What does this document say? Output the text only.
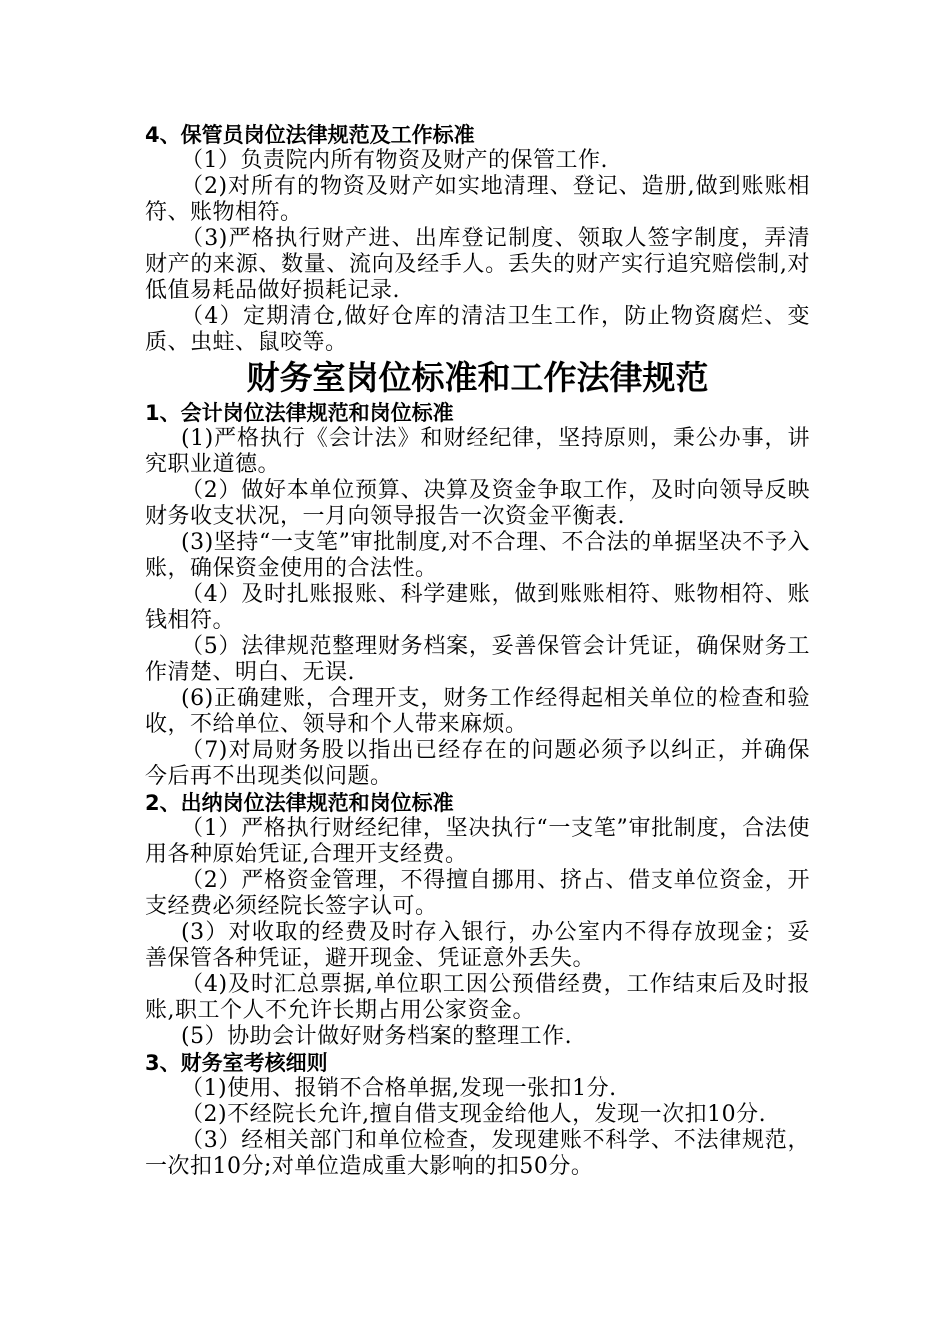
4、保管员岗位法律规范及工作标准

（1）负责院内所有物资及财产的保管工作.

（2)对所有的物资及财产如实地清理、登记、造册,做到账账相符、账物相符。

（3)严格执行财产进、出库登记制度、领取人签字制度，弄清财产的来源、数量、流向及经手人。丢失的财产实行追究赔偿制,对低值易耗品做好损耗记录.

（4）定期清仓,做好仓库的清洁卫生工作，防止物资腐烂、变质、虫蛀、鼠咬等。

财务室岗位标准和工作法律规范
1、会计岗位法律规范和岗位标准

(1)严格执行《会计法》和财经纪律，坚持原则，秉公办事，讲究职业道德。

（2）做好本单位预算、决算及资金争取工作，及时向领导反映财务收支状况，一月向领导报告一次资金平衡表.

(3)坚持“一支笔”审批制度,对不合理、不合法的单据坚决不予入账，确保资金使用的合法性。

（4）及时扎账报账、科学建账，做到账账相符、账物相符、账钱相符。

（5）法律规范整理财务档案，妥善保管会计凭证，确保财务工作清楚、明白、无误.

(6)正确建账，合理开支，财务工作经得起相关单位的检查和验收，不给单位、领导和个人带来麻烦。

（7)对局财务股以指出已经存在的问题必须予以纠正，并确保今后再不出现类似问题。

2、出纳岗位法律规范和岗位标准

（1）严格执行财经纪律，坚决执行“一支笔”审批制度，合法使用各种原始凭证,合理开支经费。

（2）严格资金管理，不得擅自挪用、挤占、借支单位资金，开支经费必须经院长签字认可。

(3）对收取的经费及时存入银行，办公室内不得存放现金；妥善保管各种凭证，避开现金、凭证意外丢失。

（4)及时汇总票据,单位职工因公预借经费，工作结束后及时报账,职工个人不允许长期占用公家资金。

(5）协助会计做好财务档案的整理工作.

3、财务室考核细则

（1)使用、报销不合格单据,发现一张扣1分.

（2)不经院长允许,擅自借支现金给他人，发现一次扣10分.

（3）经相关部门和单位检查，发现建账不科学、不法律规范，一次扣10分;对单位造成重大影响的扣50分。
